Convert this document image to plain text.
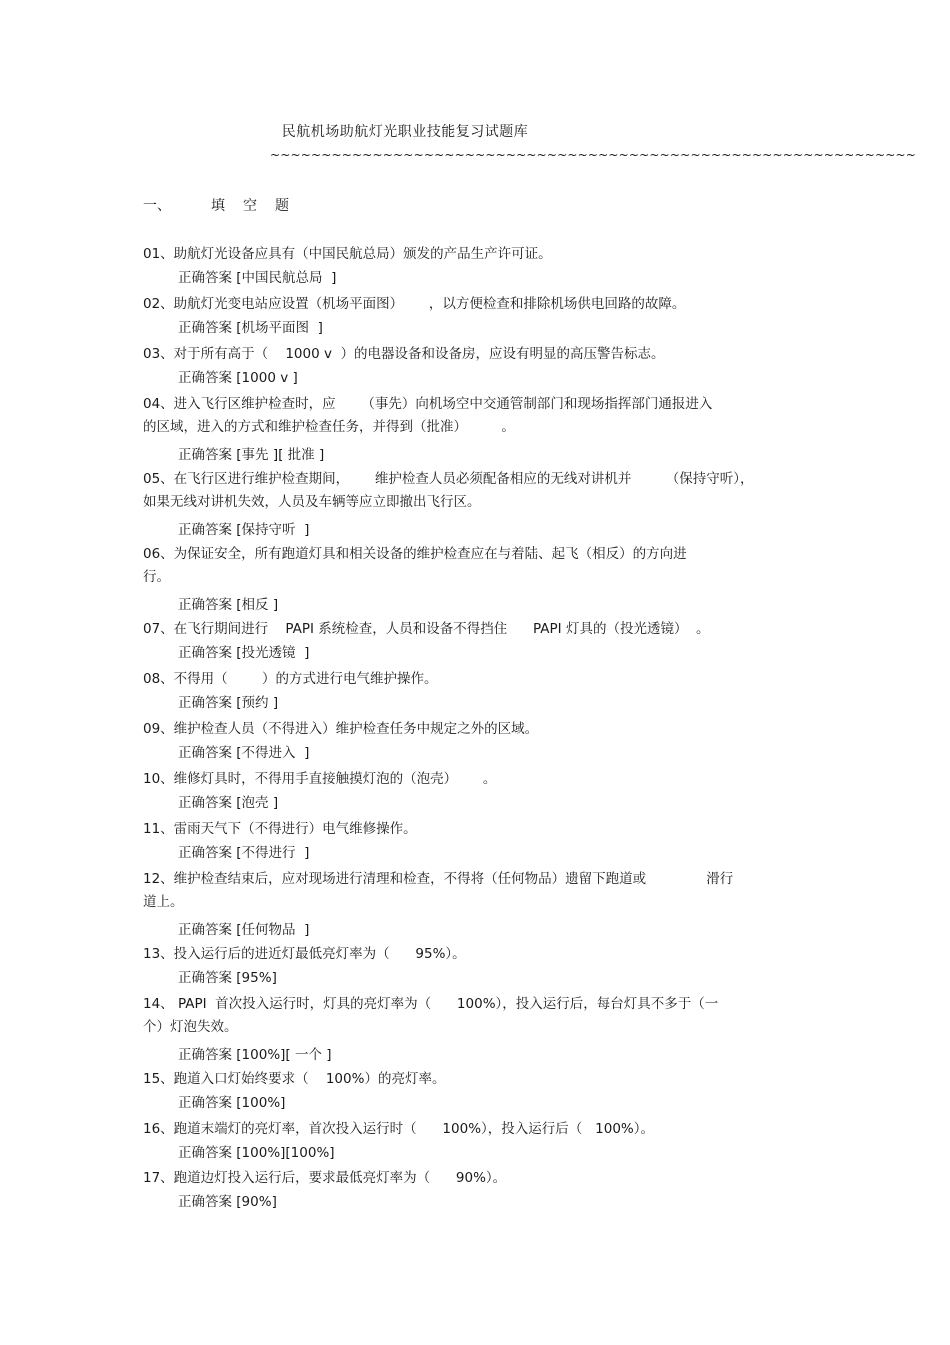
民航机场助航灯光职业技能复习试题库
~~~~~~~~~~~~~~~~~~~~~~~~~~~~~~~~~~~~~~~~~~~~~~~~~~~~~~~~~~~~~~~
一、	填空题
01、助航灯光设备应具有（中国民航总局）颁发的产品生产许可证。
正确答案 [中国民航总局  ]
02、助航灯光变电站应设置（机场平面图）      ，以方便检查和排除机场供电回路的故障。
正确答案 [机场平面图  ]
03、对于所有高于（    1000 v  ）的电器设备和设备房，应设有明显的高压警告标志。
正确答案 [1000 v ]
04、进入飞行区维护检查时，应      （事先）向机场空中交通管制部门和现场指挥部门通报进入
的区域，进入的方式和维护检查任务，并得到（批准）        。
正确答案 [事先 ][ 批准 ]
05、在飞行区进行维护检查期间，      维护检查人员必须配备相应的无线对讲机并        （保持守听），
如果无线对讲机失效，人员及车辆等应立即撤出飞行区。
正确答案 [保持守听  ]
06、为保证安全，所有跑道灯具和相关设备的维护检查应在与着陆、起飞（相反）的方向进
行。
正确答案 [相反 ]
07、在飞行期间进行    PAPI 系统检查，人员和设备不得挡住      PAPI 灯具的（投光透镜）  。
正确答案 [投光透镜  ]
08、不得用（        ）的方式进行电气维护操作。
正确答案 [预约 ]
09、维护检查人员（不得进入）维护检查任务中规定之外的区域。
正确答案 [不得进入  ]
10、维修灯具时，不得用手直接触摸灯泡的（泡壳）      。
正确答案 [泡壳 ]
11、雷雨天气下（不得进行）电气维修操作。
正确答案 [不得进行  ]
12、维护检查结束后，应对现场进行清理和检查，不得将（任何物品）遗留下跑道或              滑行
道上。
正确答案 [任何物品  ]
13、投入运行后的进近灯最低亮灯率为（      95%）。
正确答案 [95%]
14、 PAPI  首次投入运行时，灯具的亮灯率为（      100%），投入运行后，每台灯具不多于（一
个）灯泡失效。
正确答案 [100%][ 一个 ]
15、跑道入口灯始终要求（    100%）的亮灯率。
正确答案 [100%]
16、跑道末端灯的亮灯率，首次投入运行时（      100%），投入运行后（   100%）。
正确答案 [100%][100%]
17、跑道边灯投入运行后，要求最低亮灯率为（      90%）。
正确答案 [90%]
